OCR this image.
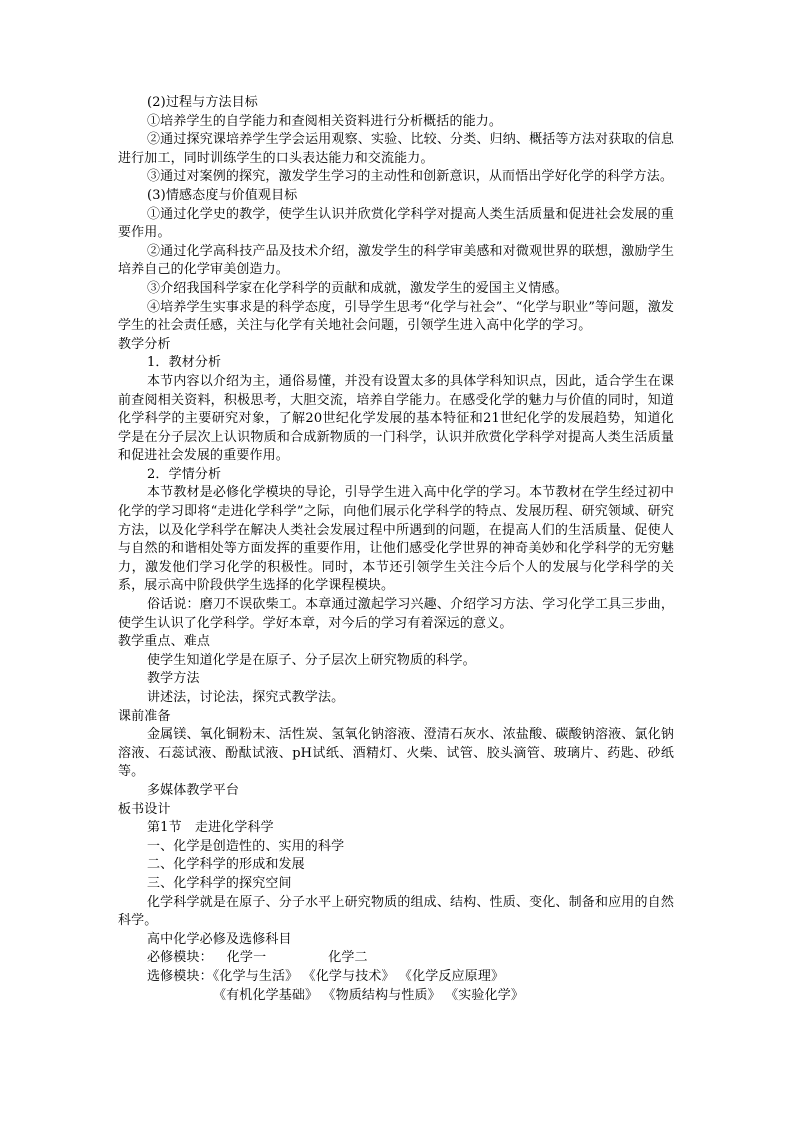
(2)过程与方法目标
①培养学生的自学能力和查阅相关资料进行分析概括的能力。
②通过探究课培养学生学会运用观察、实验、比较、分类、归纳、概括等方法对获取的信息进行加工，同时训练学生的口头表达能力和交流能力。
③通过对案例的探究，激发学生学习的主动性和创新意识，从而悟出学好化学的科学方法。
(3)情感态度与价值观目标
①通过化学史的教学，使学生认识并欣赏化学科学对提高人类生活质量和促进社会发展的重要作用。
②通过化学高科技产品及技术介绍，激发学生的科学审美感和对微观世界的联想，激励学生培养自己的化学审美创造力。
③介绍我国科学家在化学科学的贡献和成就，激发学生的爱国主义情感。
④培养学生实事求是的科学态度，引导学生思考“化学与社会”、“化学与职业”等问题，激发学生的社会责任感，关注与化学有关地社会问题，引领学生进入高中化学的学习。
教学分析
1．教材分析
本节内容以介绍为主，通俗易懂，并没有设置太多的具体学科知识点，因此，适合学生在课前查阅相关资料，积极思考，大胆交流，培养自学能力。在感受化学的魅力与价值的同时，知道化学科学的主要研究对象，了解20世纪化学发展的基本特征和21世纪化学的发展趋势，知道化学是在分子层次上认识物质和合成新物质的一门科学，认识并欣赏化学科学对提高人类生活质量和促进社会发展的重要作用。
2．学情分析
本节教材是必修化学模块的导论，引导学生进入高中化学的学习。本节教材在学生经过初中化学的学习即将“走进化学科学”之际，向他们展示化学科学的特点、发展历程、研究领域、研究方法，以及化学科学在解决人类社会发展过程中所遇到的问题，在提高人们的生活质量、促使人与自然的和谐相处等方面发挥的重要作用，让他们感受化学世界的神奇美妙和化学科学的无穷魅力，激发他们学习化学的积极性。同时，本节还引领学生关注今后个人的发展与化学科学的关系，展示高中阶段供学生选择的化学课程模块。
俗话说：磨刀不误砍柴工。本章通过激起学习兴趣、介绍学习方法、学习化学工具三步曲，使学生认识了化学科学。学好本章，对今后的学习有着深远的意义。
教学重点、难点
使学生知道化学是在原子、分子层次上研究物质的科学。
教学方法
讲述法，讨论法，探究式教学法。
课前准备
金属镁、氧化铜粉末、活性炭、氢氧化钠溶液、澄清石灰水、浓盐酸、碳酸钠溶液、氯化钠溶液、石蕊试液、酚酞试液、pH试纸、酒精灯、火柴、试管、胶头滴管、玻璃片、药匙、砂纸等。
多媒体教学平台
板书设计
第1节　走进化学科学
一、化学是创造性的、实用的科学
二、化学科学的形成和发展
三、化学科学的探究空间
化学科学就是在原子、分子水平上研究物质的组成、结构、性质、变化、制备和应用的自然科学。
高中化学必修及选修科目
必修模块： 化学一	化学二
选修模块：《化学与生活》 《化学与技术》 《化学反应原理》
《有机化学基础》 《物质结构与性质》 《实验化学》
